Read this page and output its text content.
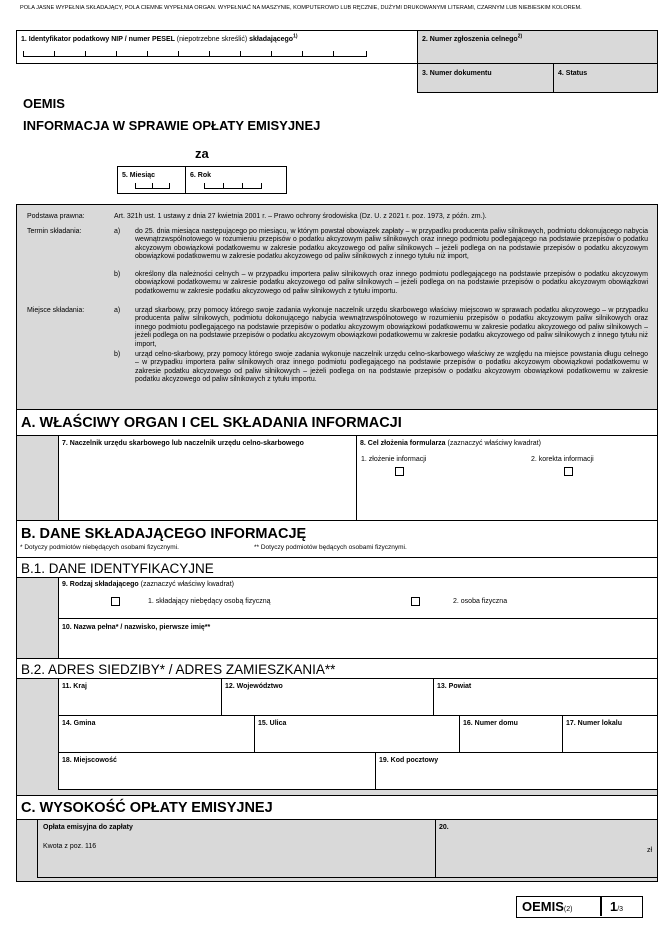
POLA JASNE WYPEŁNIA SKŁADAJĄCY, POLA CIEMNE WYPEŁNIA ORGAN. WYPEŁNIAĆ NA MASZYNIE, KOMPUTEROWO LUB RĘCZNIE, DUŻYMI DRUKOWANYMI LITERAMI, CZARNYM LUB NIEBIESKIM KOLOREM.
1. Identyfikator podatkowy NIP / numer PESEL (niepotrzebne skreślić) składającego$^{1)}$	2. Numer zgłoszenia celnego$^{2)}$
3. Numer dokumentu	4. Status
OEMIS
INFORMACJA W SPRAWIE OPŁATY EMISYJNEJ
za
5. Miesiąc	6. Rok
Podstawa prawna:	Art. 321h ust. 1 ustawy z dnia 27 kwietnia 2001 r. – Prawo ochrony środowiska (Dz. U. z 2021 r. poz. 1973, z późn. zm.).
Termin składania:	a) do 25. dnia miesiąca następującego po miesiącu, w którym powstał obowiązek zapłaty – w przypadku producenta paliw silnikowych, podmiotu dokonującego nabycia wewnątrzwspólnotowego w rozumieniu przepisów o podatku akcyzowym paliw silnikowych oraz innego podmiotu podlegającego na podstawie przepisów o podatku akcyzowym obowiązkowi podatkowemu w zakresie podatku akcyzowego od paliw silnikowych – jeżeli podlega on na podstawie przepisów o podatku akcyzowym obowiązkowi podatkowemu w zakresie podatku akcyzowego od paliw silnikowych z innego tytułu niż import,
b) określony dla należności celnych – w przypadku importera paliw silnikowych oraz innego podmiotu podlegającego na podstawie przepisów o podatku akcyzowym obowiązkowi podatkowemu w zakresie podatku akcyzowego od paliw silnikowych – jeżeli podlega on na podstawie przepisów o podatku akcyzowym obowiązkowi podatkowemu w zakresie podatku akcyzowego od paliw silnikowych z tytułu importu.
Miejsce składania:	a) urząd skarbowy, przy pomocy którego swoje zadania wykonuje naczelnik urzędu skarbowego właściwy miejscowo w sprawach podatku akcyzowego – w przypadku producenta paliw silnikowych, podmiotu dokonującego nabycia wewnątrzwspólnotowego w rozumieniu przepisów o podatku akcyzowym paliw silnikowych oraz innego podmiotu podlegającego na podstawie przepisów o podatku akcyzowym obowiązkowi podatkowemu w zakresie podatku akcyzowego od paliw silnikowych – jeżeli podlega on na podstawie przepisów o podatku akcyzowym obowiązkowi podatkowemu w zakresie podatku akcyzowego od paliw silnikowych z innego tytułu niż import,
b) urząd celno-skarbowy, przy pomocy którego swoje zadania wykonuje naczelnik urzędu celno-skarbowego właściwy ze względu na miejsce powstania długu celnego – w przypadku importera paliw silnikowych oraz innego podmiotu podlegającego na podstawie przepisów o podatku akcyzowym obowiązkowi podatkowemu w zakresie podatku akcyzowego od paliw silnikowych – jeżeli podlega on na podstawie przepisów o podatku akcyzowym obowiązkowi podatkowemu w zakresie podatku akcyzowego od paliw silnikowych z tytułu importu.
A. WŁAŚCIWY ORGAN I CEL SKŁADANIA INFORMACJI
7. Naczelnik urzędu skarbowego lub naczelnik urzędu celno-skarbowego	8. Cel złożenia formularza (zaznaczyć właściwy kwadrat)
1. złożenie informacji	2. korekta informacji
B. DANE SKŁADAJĄCEGO INFORMACJĘ
* Dotyczy podmiotów niebędących osobami fizycznymi.	** Dotyczy podmiotów będących osobami fizycznymi.
B.1. DANE IDENTYFIKACYJNE
9. Rodzaj składającego (zaznaczyć właściwy kwadrat)
1. składający niebędący osobą fizyczną	2. osoba fizyczna
10. Nazwa pełna* / nazwisko, pierwsze imię**
B.2. ADRES SIEDZIBY* / ADRES ZAMIESZKANIA**
11. Kraj	12. Województwo	13. Powiat
14. Gmina	15. Ulica	16. Numer domu	17. Numer lokalu
18. Miejscowość	19. Kod pocztowy
C. WYSOKOŚĆ OPŁATY EMISYJNEJ
Opłata emisyjna do zapłaty
Kwota z poz. 116
20.
zł
OEMIS(2)	1/3
